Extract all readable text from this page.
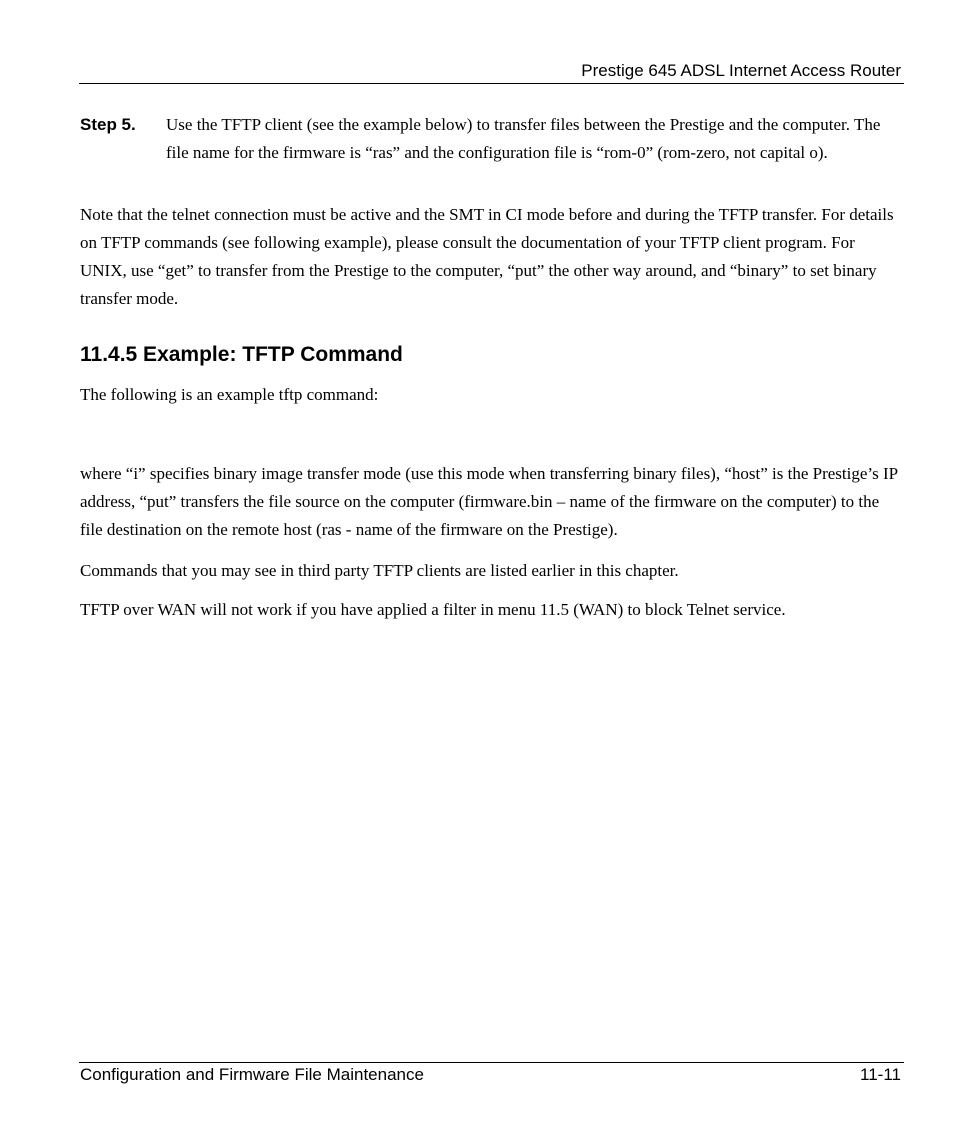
Prestige 645 ADSL Internet Access Router
Step 5. Use the TFTP client (see the example below) to transfer files between the Prestige and the computer. The file name for the firmware is “ras” and the configuration file is “rom-0” (rom-zero, not capital o).

Note that the telnet connection must be active and the SMT in CI mode before and during the TFTP transfer. For details on TFTP commands (see following example), please consult the documentation of your TFTP client program. For UNIX, use “get” to transfer from the Prestige to the computer, “put” the other way around, and “binary” to set binary transfer mode.

11.4.5 Example: TFTP Command

The following is an example tftp command:

where “i” specifies binary image transfer mode (use this mode when transferring binary files), “host” is the Prestige’s IP address, “put” transfers the file source on the computer (firmware.bin – name of the firmware on the computer) to the file destination on the remote host (ras - name of the firmware on the Prestige).

Commands that you may see in third party TFTP clients are listed earlier in this chapter.

TFTP over WAN will not work if you have applied a filter in menu 11.5 (WAN) to block Telnet service.

Configuration and Firmware File Maintenance	11-11
